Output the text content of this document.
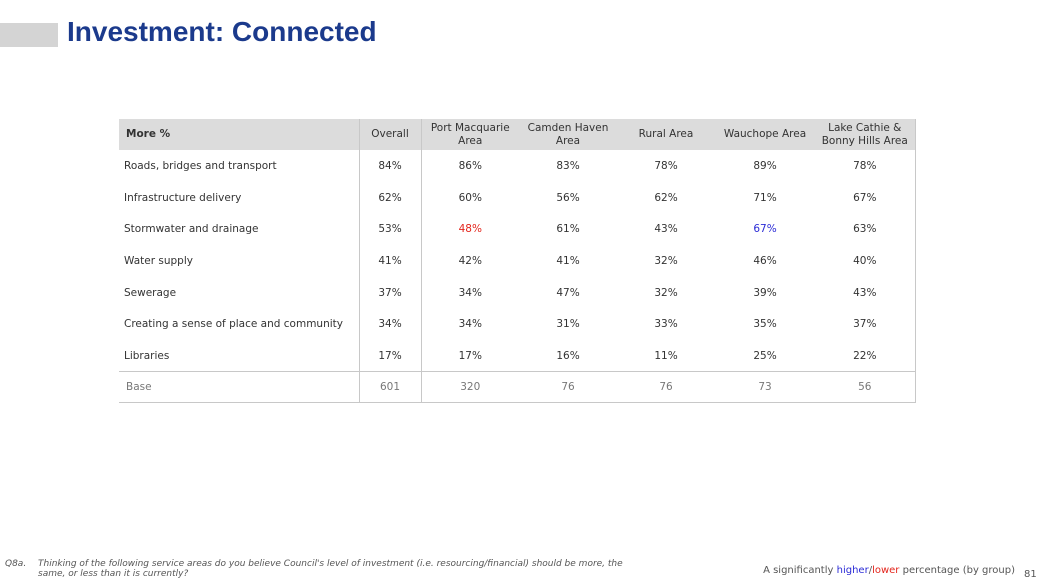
Investment: Connected
More %	Overall	Port Macquarie Area	Camden Haven Area	Rural Area	Wauchope Area	Lake Cathie & Bonny Hills Area
Roads, bridges and transport	84%	86%	83%	78%	89%	78%
Infrastructure delivery	62%	60%	56%	62%	71%	67%
Stormwater and drainage	53%	48%	61%	43%	67%	63%
Water supply	41%	42%	41%	32%	46%	40%
Sewerage	37%	34%	47%	32%	39%	43%
Creating a sense of place and community	34%	34%	31%	33%	35%	37%
Libraries	17%	17%	16%	11%	25%	22%
Base	601	320	76	76	73	56
Q8a. Thinking of the following service areas do you believe Council's level of investment (i.e. resourcing/financial) should be more, the same, or less than it is currently?	A significantly higher/lower percentage (by group) 81
